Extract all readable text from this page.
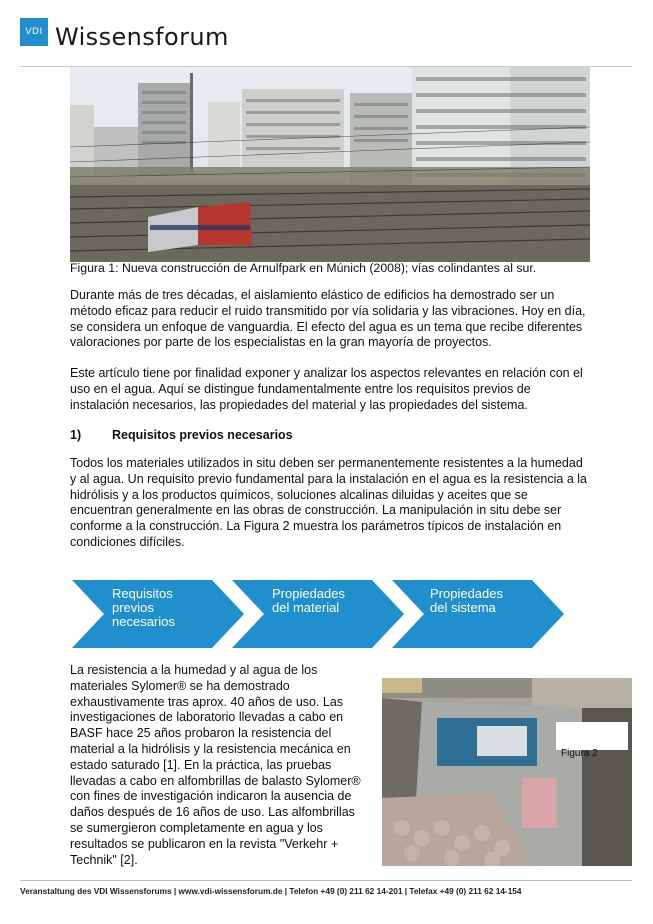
VDI Wissensforum
Figura 1: Nueva construcción de Arnulfpark en Múnich (2008); vías colindantes al sur.

Durante más de tres décadas, el aislamiento elástico de edificios ha demostrado ser un método eficaz para reducir el ruido transmitido por vía solidaria y las vibraciones. Hoy en día, se considera un enfoque de vanguardia. El efecto del agua es un tema que recibe diferentes valoraciones por parte de los especialistas en la gran mayoría de proyectos.

Este artículo tiene por finalidad exponer y analizar los aspectos relevantes en relación con el uso en el agua. Aquí se distingue fundamentalmente entre los requisitos previos de instalación necesarios, las propiedades del material y las propiedades del sistema.

1) Requisitos previos necesarios

Todos los materiales utilizados in situ deben ser permanentemente resistentes a la humedad y al agua. Un requisito previo fundamental para la instalación en el agua es la resistencia a la hidrólisis y a los productos químicos, soluciones alcalinas diluidas y aceites que se encuentran generalmente en las obras de construcción. La manipulación in situ debe ser conforme a la construcción. La Figura 2 muestra los parámetros típicos de instalación en condiciones difíciles.

Requisitos
previos
necesarios
Propiedades
del material
Propiedades
del sistema

La resistencia a la humedad y al agua de los materiales Sylomer® se ha demostrado exhaustivamente tras aprox. 40 años de uso. Las investigaciones de laboratorio llevadas a cabo en BASF hace 25 años probaron la resistencia del material a la hidrólisis y la resistencia mecánica en estado saturado [1]. En la práctica, las pruebas llevadas a cabo en alfombrillas de balasto Sylomer® con fines de investigación indicaron la ausencia de daños después de 16 años de uso. Las alfombrillas se sumergieron completamente en agua y los resultados se publicaron en la revista "Verkehr + Technik" [2].

Figura 2
Veranstaltung des VDI Wissensforums | www.vdi-wissensforum.de | Telefon +49 (0) 211 62 14-201 | Telefax +49 (0) 211 62 14-154
